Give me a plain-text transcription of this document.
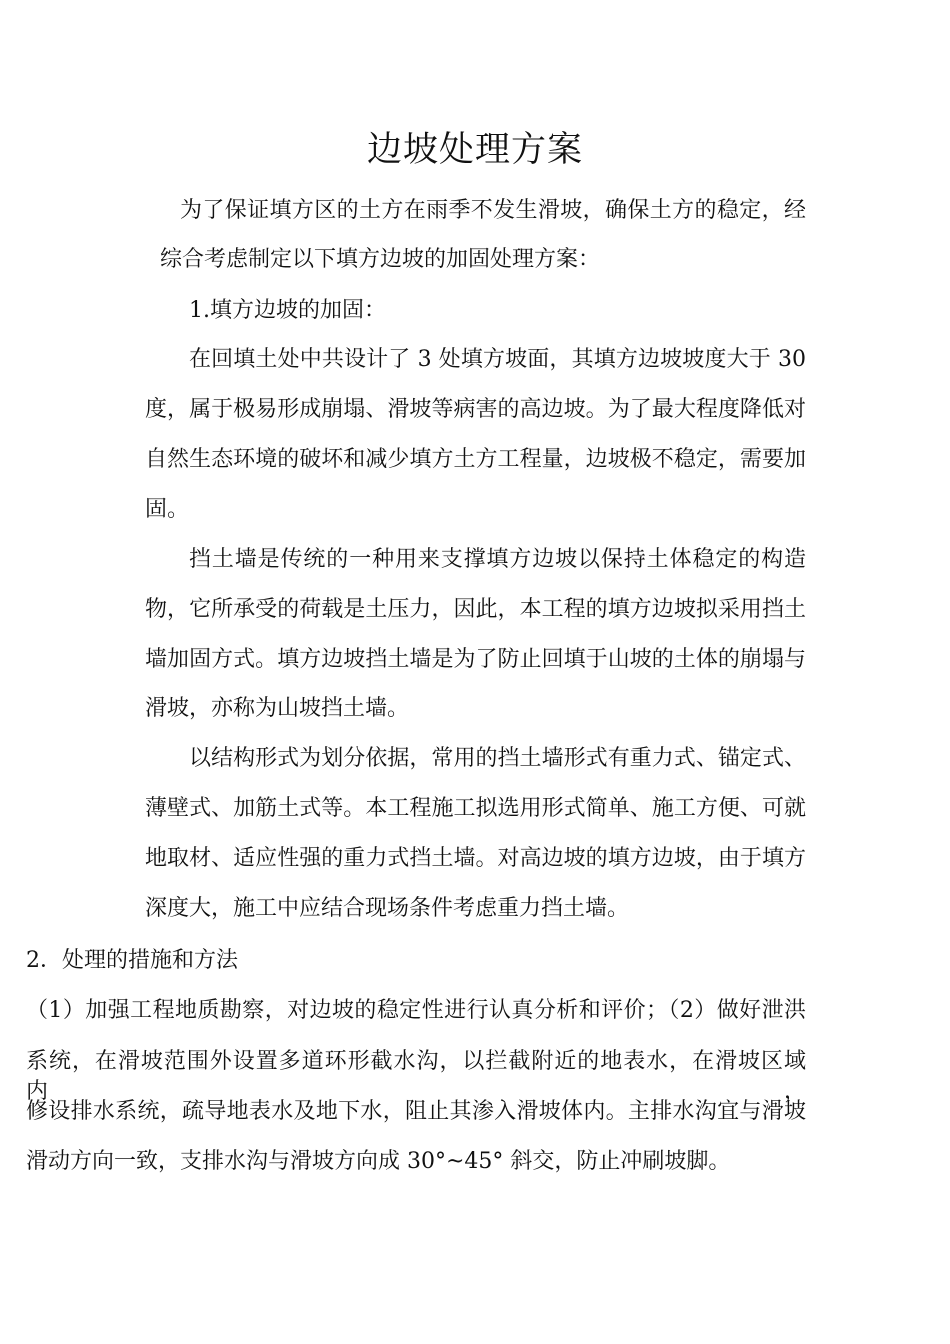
边坡处理方案

为了保证填方区的土方在雨季不发生滑坡，确保土方的稳定，经

综合考虑制定以下填方边坡的加固处理方案：

1.填方边坡的加固：

在回填土处中共设计了 3 处填方坡面，其填方边坡坡度大于 30

度，属于极易形成崩塌、滑坡等病害的高边坡。为了最大程度降低对

自然生态环境的破坏和减少填方土方工程量，边坡极不稳定，需要加

固。

挡土墙是传统的一种用来支撑填方边坡以保持土体稳定的构造

物，它所承受的荷载是土压力，因此，本工程的填方边坡拟采用挡土

墙加固方式。填方边坡挡土墙是为了防止回填于山坡的土体的崩塌与

滑坡，亦称为山坡挡土墙。

以结构形式为划分依据，常用的挡土墙形式有重力式、锚定式、

薄壁式、加筋土式等。本工程施工拟选用形式简单、施工方便、可就

地取材、适应性强的重力式挡土墙。对高边坡的填方边坡，由于填方

深度大，施工中应结合现场条件考虑重力挡土墙。

2．处理的措施和方法

（1）加强工程地质勘察，对边坡的稳定性进行认真分析和评价；（2）做好泄洪

系统，在滑坡范围外设置多道环形截水沟，以拦截附近的地表水，在滑坡区域内，

修设排水系统，疏导地表水及地下水，阻止其渗入滑坡体内。主排水沟宜与滑坡

滑动方向一致，支排水沟与滑坡方向成 30°~45° 斜交，防止冲刷坡脚。
